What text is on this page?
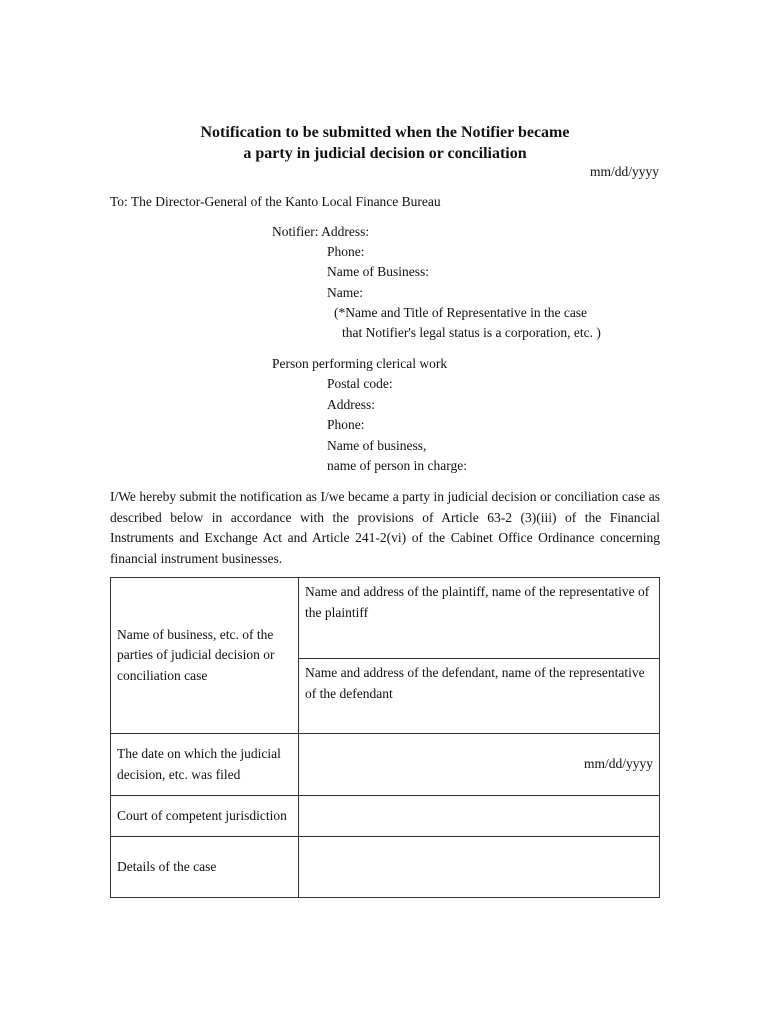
Notification to be submitted when the Notifier became
a party in judicial decision or conciliation
mm/dd/yyyy
To: The Director-General of the Kanto Local Finance Bureau
Notifier: Address:
Phone:
Name of Business:
Name:
(*Name and Title of Representative in the case
that Notifier's legal status is a corporation, etc. )
Person performing clerical work
Postal code:
Address:
Phone:
Name of business,
name of person in charge:
I/We hereby submit the notification as I/we became a party in judicial decision or conciliation case as described below in accordance with the provisions of Article 63-2 (3)(iii) of the Financial Instruments and Exchange Act and Article 241-2(vi) of the Cabinet Office Ordinance concerning financial instrument businesses.
Name of business, etc. of the parties of judicial decision or conciliation case	Name and address of the plaintiff, name of the representative of the plaintiff
	Name and address of the defendant, name of the representative of the defendant
The date on which the judicial decision, etc. was filed	mm/dd/yyyy
Court of competent jurisdiction	
Details of the case	
